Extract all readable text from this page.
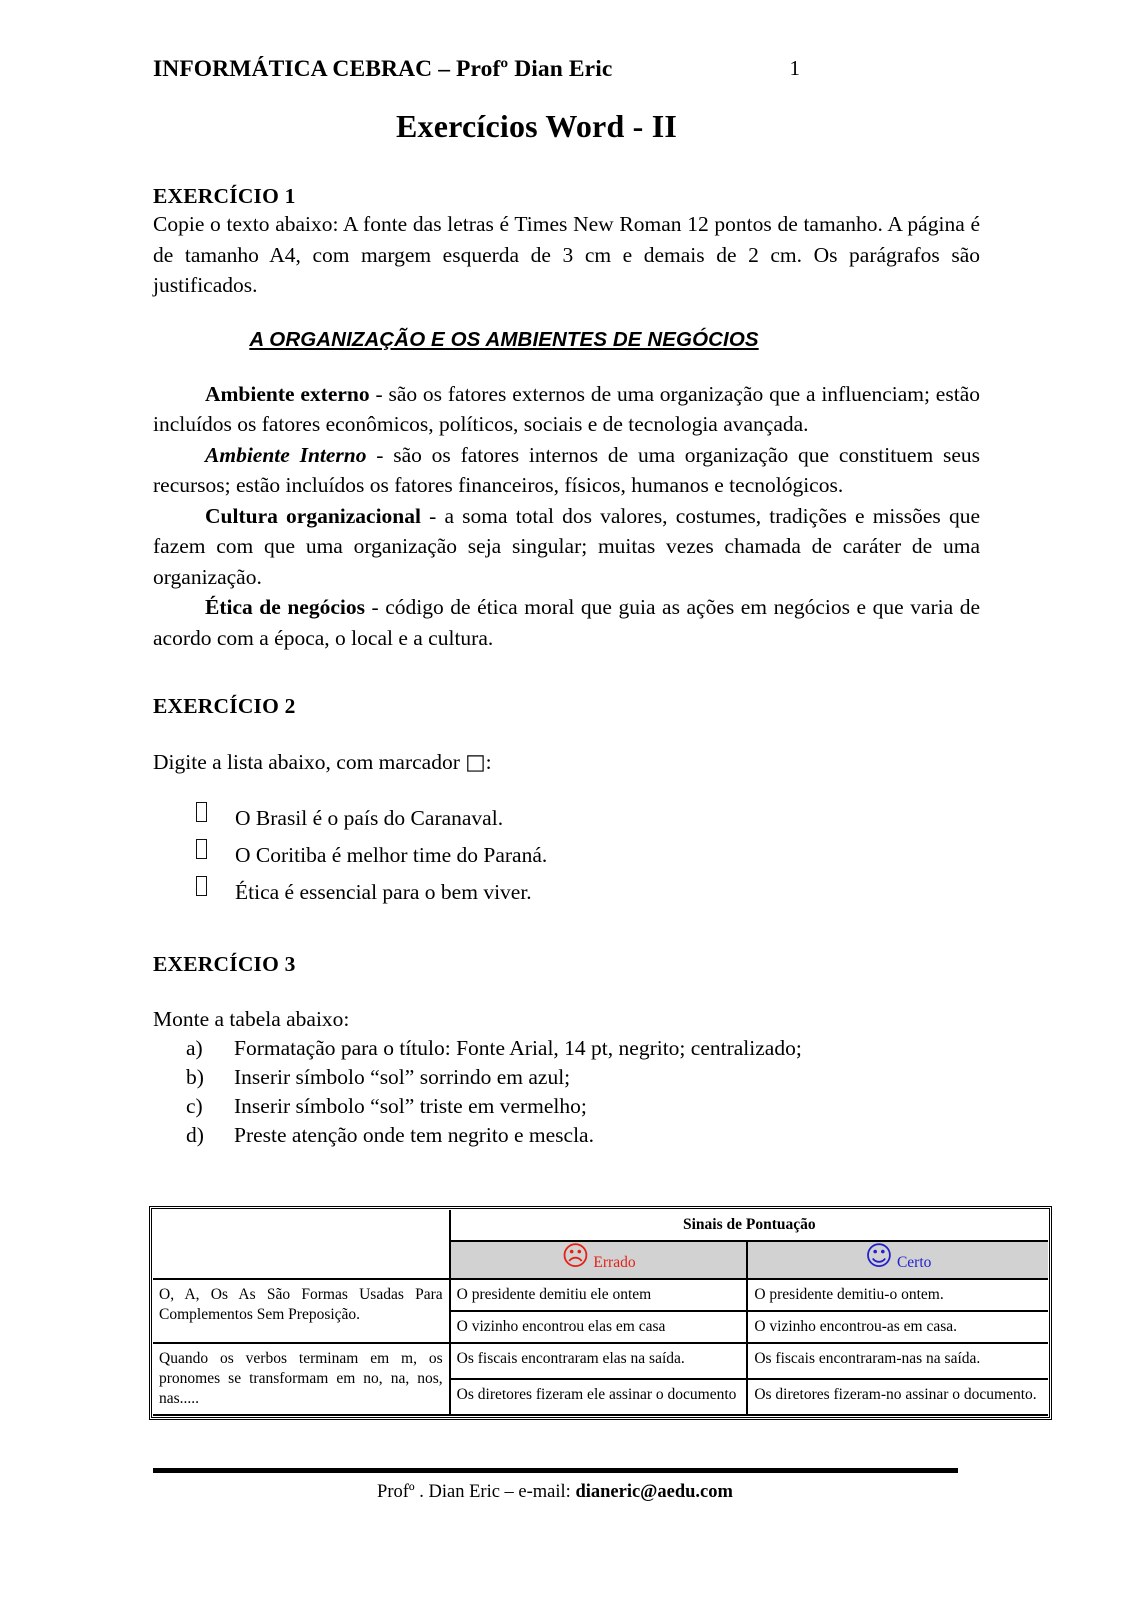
INFORMÁTICA CEBRAC – Profº Dian Eric	1
Exercícios Word - II
EXERCÍCIO 1

Copie o texto abaixo: A fonte das letras é Times New Roman 12 pontos de tamanho. A página é de tamanho A4, com margem esquerda de 3 cm e demais de 2 cm. Os parágrafos são justificados.

A ORGANIZAÇÃO E OS AMBIENTES DE NEGÓCIOS

Ambiente externo - são os fatores externos de uma organização que a influenciam; estão incluídos os fatores econômicos, políticos, sociais e de tecnologia avançada.

Ambiente Interno - são os fatores internos de uma organização que constituem seus recursos; estão incluídos os fatores financeiros, físicos, humanos e tecnológicos.

Cultura organizacional - a soma total dos valores, costumes, tradições e missões que fazem com que uma organização seja singular; muitas vezes chamada de caráter de uma organização.

Ética de negócios - código de ética moral que guia as ações em negócios e que varia de acordo com a época, o local e a cultura.

EXERCÍCIO 2
Digite a lista abaixo, com marcador □:
O Brasil é o país do Caranaval.
O Coritiba é melhor time do Paraná.
Ética é essencial para o bem viver.
EXERCÍCIO 3
Monte a tabela abaixo:
a) Formatação para o título: Fonte Arial, 14 pt, negrito; centralizado;
b) Inserir símbolo “sol” sorrindo em azul;
c) Inserir símbolo “sol” triste em vermelho;
d) Preste atenção onde tem negrito e mescla.
	Sinais de Pontuação	
	☹ Errado	☺ Certo
O, A, Os As São Formas Usadas Para Complementos Sem Preposição.	O presidente demitiu ele ontem	O presidente demitiu-o ontem.
	O vizinho encontrou elas em casa	O vizinho encontrou-as em casa.
Quando os verbos terminam em m, os pronomes se transformam em no, na, nos, nas.....	Os fiscais encontraram elas na saída.	Os fiscais encontraram-nas na saída.
	Os diretores fizeram ele assinar o documento	Os diretores fizeram-no assinar o documento.
Profº . Dian Eric – e-mail: dianeric@aedu.com
